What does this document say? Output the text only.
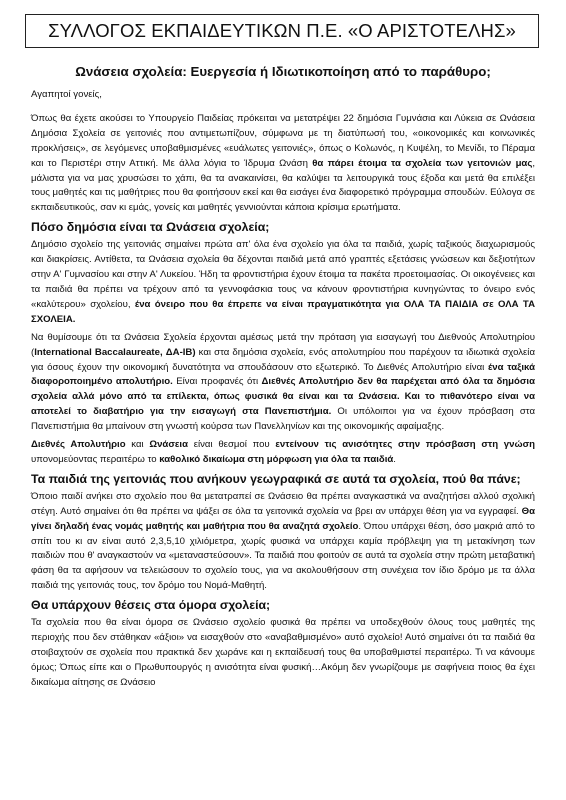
ΣΥΛΛΟΓΟΣ ΕΚΠΑΙΔΕΥΤΙΚΩΝ Π.Ε. «Ο ΑΡΙΣΤΟΤΕΛΗΣ»
Ωνάσεια σχολεία: Ευεργεσία ή Ιδιωτικοποίηση από το παράθυρο;

Αγαπητοί γονείς,

Όπως θα έχετε ακούσει το Υπουργείο Παιδείας πρόκειται να μετατρέψει 22 δημόσια Γυμνάσια και Λύκεια σε Ωνάσεια Δημόσια Σχολεία σε γειτονιές που αντιμετωπίζουν, σύμφωνα με τη διατύπωσή του, «οικονομικές και κοινωνικές προκλήσεις», σε λεγόμενες υποβαθμισμένες «ευάλωτες γειτονιές», όπως ο Κολωνός, η Κυψέλη, το Μενίδι, το Πέραμα και το Περιστέρι στην Αττική. Με άλλα λόγια το Ίδρυμα Ωνάση θα πάρει έτοιμα τα σχολεία των γειτονιών μας, μάλιστα για να μας χρυσώσει το χάπι, θα τα ανακαινίσει, θα καλύψει τα λειτουργικά τους έξοδα και μετά θα επιλέξει τους μαθητές και τις μαθήτριες που θα φοιτήσουν εκεί και θα εισάγει ένα διαφορετικό πρόγραμμα σπουδών. Εύλογα σε εκπαιδευτικούς, σαν κι εμάς, γονείς και μαθητές γεννιούνται κάποια κρίσιμα ερωτήματα.

Πόσο δημόσια είναι τα Ωνάσεια σχολεία;

Δημόσιο σχολείο της γειτονιάς σημαίνει πρώτα απ' όλα ένα σχολείο για όλα τα παιδιά, χωρίς ταξικούς διαχωρισμούς και διακρίσεις. Αντίθετα, τα Ωνάσεια σχολεία θα δέχονται παιδιά μετά από γραπτές εξετάσεις γνώσεων και δεξιοτήτων στην Α' Γυμνασίου και στην Α' Λυκείου. Ήδη τα φροντιστήρια έχουν έτοιμα τα πακέτα προετοιμασίας. Οι οικογένειες και τα παιδιά θα πρέπει να τρέχουν από τα γεννοφάσκια τους να κάνουν φροντιστήρια κυνηγώντας το όνειρο ενός «καλύτερου» σχολείου, ένα όνειρο που θα έπρεπε να είναι πραγματικότητα για ΟΛΑ ΤΑ ΠΑΙΔΙΑ σε ΟΛΑ ΤΑ ΣΧΟΛΕΙΑ.

Να θυμίσουμε ότι τα Ωνάσεια Σχολεία έρχονται αμέσως μετά την πρόταση για εισαγωγή του Διεθνούς Απολυτηρίου (International Baccalaureate, ΔΑ-IB) και στα δημόσια σχολεία, ενός απολυτηρίου που παρέχουν τα ιδιωτικά σχολεία για όσους έχουν την οικονομική δυνατότητα να σπουδάσουν στο εξωτερικό. Το Διεθνές Απολυτήριο είναι ένα ταξικά διαφοροποιημένο απολυτήριο. Είναι προφανές ότι Διεθνές Απολυτήριο δεν θα παρέχεται από όλα τα δημόσια σχολεία αλλά μόνο από τα επίλεκτα, όπως φυσικά θα είναι και τα Ωνάσεια. Και το πιθανότερο είναι να αποτελεί το διαβατήριο για την εισαγωγή στα Πανεπιστήμια. Οι υπόλοιποι για να έχουν πρόσβαση στα Πανεπιστήμια θα μπαίνουν στη γνωστή κούρσα των Πανελληνίων και της οικονομικής αφαίμαξης.

Διεθνές Απολυτήριο και Ωνάσεια είναι θεσμοί που εντείνουν τις ανισότητες στην πρόσβαση στη γνώση υπονομεύοντας περαιτέρω το καθολικό δικαίωμα στη μόρφωση για όλα τα παιδιά.

Τα παιδιά της γειτονιάς που ανήκουν γεωγραφικά σε αυτά τα σχολεία, πού θα πάνε;

Όποιο παιδί ανήκει στο σχολείο που θα μετατραπεί σε Ωνάσειο θα πρέπει αναγκαστικά να αναζητήσει αλλού σχολική στέγη. Αυτό σημαίνει ότι θα πρέπει να ψάξει σε όλα τα γειτονικά σχολεία να βρει αν υπάρχει θέση για να εγγραφεί. Θα γίνει δηλαδή ένας νομάς μαθητής και μαθήτρια που θα αναζητά σχολείο. Όπου υπάρχει θέση, όσο μακριά από το σπίτι του κι αν είναι αυτό 2,3,5,10 χιλιόμετρα, χωρίς φυσικά να υπάρχει καμία πρόβλεψη για τη μετακίνηση των παιδιών που θ' αναγκαστούν να «μεταναστεύσουν». Τα παιδιά που φοιτούν σε αυτά τα σχολεία στην πρώτη μεταβατική φάση θα τα αφήσουν να τελειώσουν το σχολείο τους, για να ακολουθήσουν στη συνέχεια τον ίδιο δρόμο με τα άλλα παιδιά της γειτονιάς τους, τον δρόμο του Νομά-Μαθητή.

Θα υπάρχουν θέσεις στα όμορα σχολεία;

Τα σχολεία που θα είναι όμορα σε Ωνάσειο σχολείο φυσικά θα πρέπει να υποδεχθούν όλους τους μαθητές της περιοχής που δεν στάθηκαν «άξιοι» να εισαχθούν στο «αναβαθμισμένο» αυτό σχολείο! Αυτό σημαίνει ότι τα παιδιά θα στοιβαχτούν σε σχολεία που πρακτικά δεν χωράνε και η εκπαίδευσή τους θα υποβαθμιστεί περαιτέρω. Τι να κάνουμε όμως; Όπως είπε και ο Πρωθυπουργός η ανισότητα είναι φυσική…Ακόμη δεν γνωρίζουμε με σαφήνεια ποιος θα έχει δικαίωμα αίτησης σε Ωνάσειο
